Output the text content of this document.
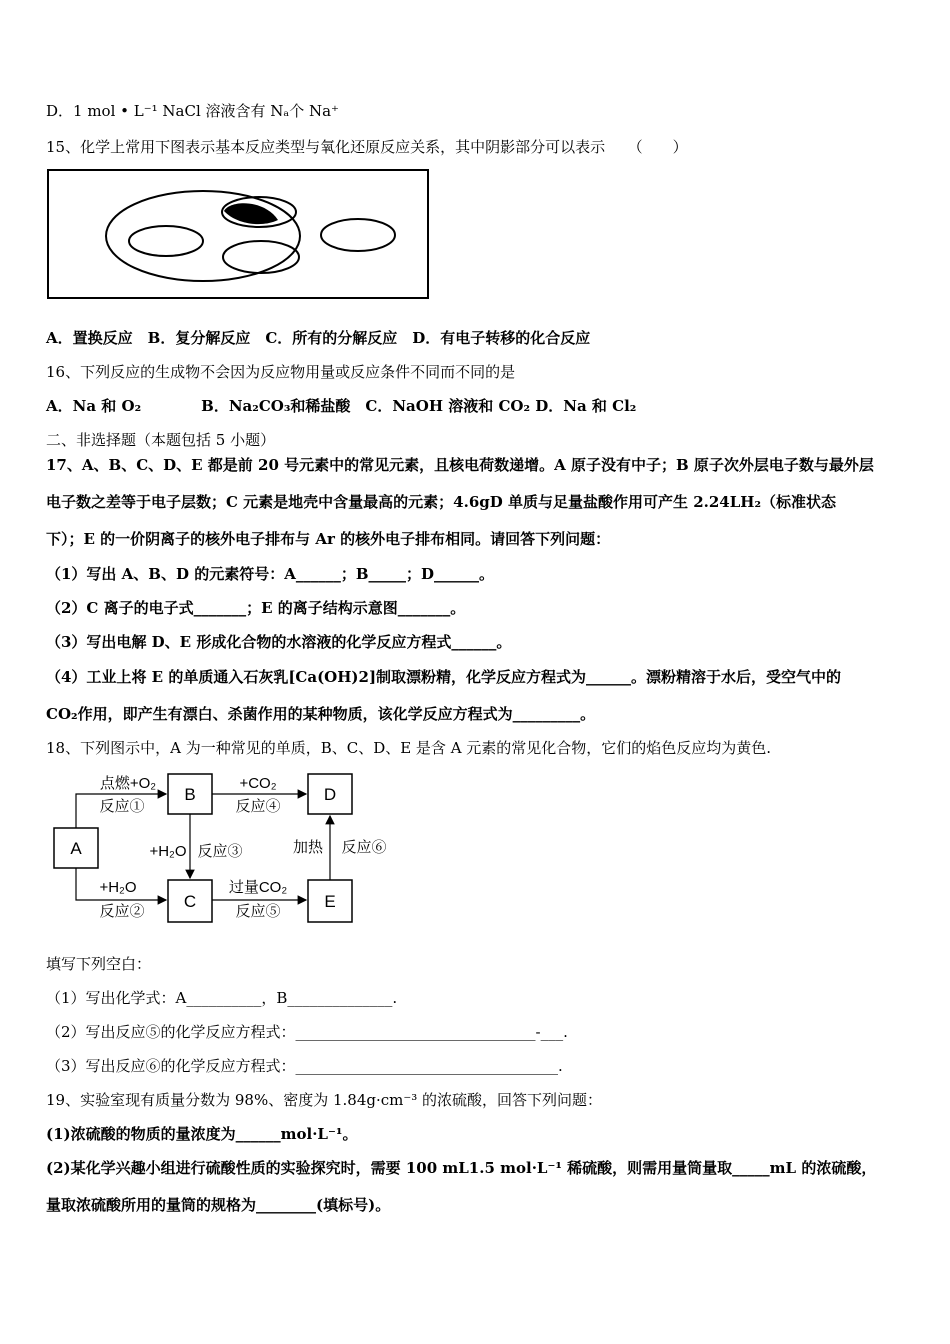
D．1 mol • L⁻¹ NaCl 溶液含有 Nₐ个 Na⁺
15、化学上常用下图表示基本反应类型与氧化还原反应关系，其中阴影部分可以表示　　（　　）
A．置换反应　B．复分解反应　C．所有的分解反应　D．有电子转移的化合反应
16、下列反应的生成物不会因为反应物用量或反应条件不同而不同的是
A．Na 和 O₂　　　　B．Na₂CO₃和稀盐酸　C．NaOH 溶液和 CO₂ D．Na 和 Cl₂
二、非选择题（本题包括 5 小题）
17、A、B、C、D、E 都是前 20 号元素中的常见元素，且核电荷数递增。A 原子没有中子；B 原子次外层电子数与最外层
电子数之差等于电子层数；C 元素是地壳中含量最高的元素；4.6gD 单质与足量盐酸作用可产生 2.24LH₂（标准状态
下）；E 的一价阴离子的核外电子排布与 Ar 的核外电子排布相同。请回答下列问题：
（1）写出 A、B、D 的元素符号：A______；B_____；D______。
（2）C 离子的电子式_______；E 的离子结构示意图_______。
（3）写出电解 D、E 形成化合物的水溶液的化学反应方程式______。
（4）工业上将 E 的单质通入石灰乳[Ca(OH)2]制取漂粉精，化学反应方程式为______。漂粉精溶于水后，受空气中的
CO₂作用，即产生有漂白、杀菌作用的某种物质，该化学反应方程式为_________。
18、下列图示中，A 为一种常见的单质，B、C、D、E 是含 A 元素的常见化合物，它们的焰色反应均为黄色.
A
B	D
C	E
点燃+O₂
反应①
+H₂O
反应②
+H₂O 反应③
+CO₂
反应④
过量CO₂
反应⑤
加热 反应⑥
填写下列空白：
（1）写出化学式：A__________，B______________.
（2）写出反应⑤的化学反应方程式：________________________________-___.
（3）写出反应⑥的化学反应方程式：___________________________________.
19、实验室现有质量分数为 98%、密度为 1.84g·cm⁻³ 的浓硫酸，回答下列问题：
(1)浓硫酸的物质的量浓度为______mol·L⁻¹。
(2)某化学兴趣小组进行硫酸性质的实验探究时，需要 100 mL1.5 mol·L⁻¹ 稀硫酸，则需用量筒量取_____mL 的浓硫酸，
量取浓硫酸所用的量筒的规格为________(填标号)。
